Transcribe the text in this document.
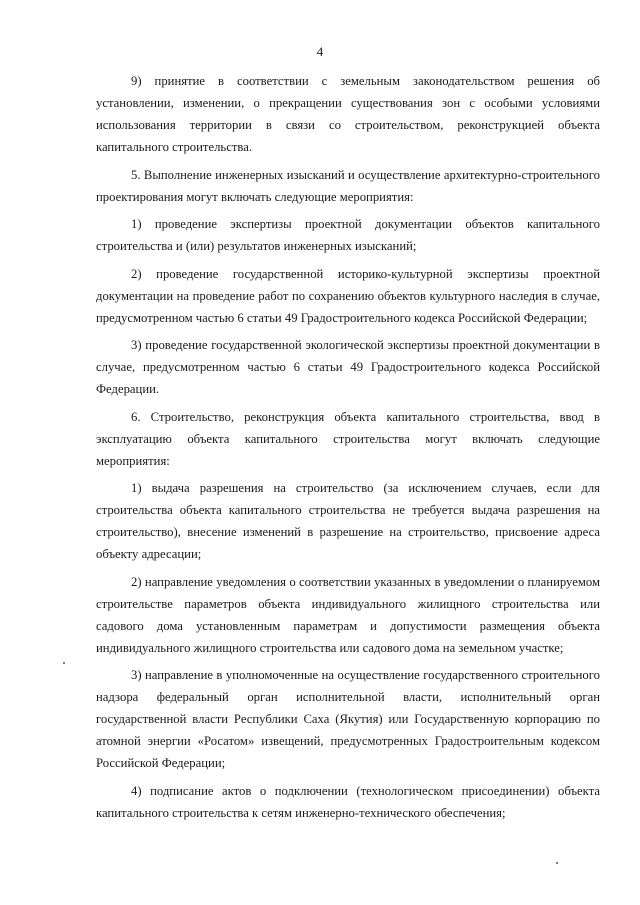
4

9) принятие в соответствии с земельным законодательством решения об установлении, изменении, о прекращении существования зон с особыми условиями использования территории в связи со строительством, реконструкцией объекта капитального строительства.

5. Выполнение инженерных изысканий и осуществление архитектурно-строительного проектирования могут включать следующие мероприятия:

1) проведение экспертизы проектной документации объектов капитального строительства и (или) результатов инженерных изысканий;

2) проведение государственной историко-культурной экспертизы проектной документации на проведение работ по сохранению объектов культурного наследия в случае, предусмотренном частью 6 статьи 49 Градостроительного кодекса Российской Федерации;

3) проведение государственной экологической экспертизы проектной документации в случае, предусмотренном частью 6 статьи 49 Градостроительного кодекса Российской Федерации.

6. Строительство, реконструкция объекта капитального строительства, ввод в эксплуатацию объекта капитального строительства могут включать следующие мероприятия:

1) выдача разрешения на строительство (за исключением случаев, если для строительства объекта капитального строительства не требуется выдача разрешения на строительство), внесение изменений в разрешение на строительство, присвоение адреса объекту адресации;

2) направление уведомления о соответствии указанных в уведомлении о планируемом строительстве параметров объекта индивидуального жилищного строительства или садового дома установленным параметрам и допустимости размещения объекта индивидуального жилищного строительства или садового дома на земельном участке;

3) направление в уполномоченные на осуществление государственного строительного надзора федеральный орган исполнительной власти, исполнительный орган государственной власти Республики Саха (Якутия) или Государственную корпорацию по атомной энергии «Росатом» извещений, предусмотренных Градостроительным кодексом Российской Федерации;

4) подписание актов о подключении (технологическом присоединении) объекта капитального строительства к сетям инженерно-технического обеспечения;
